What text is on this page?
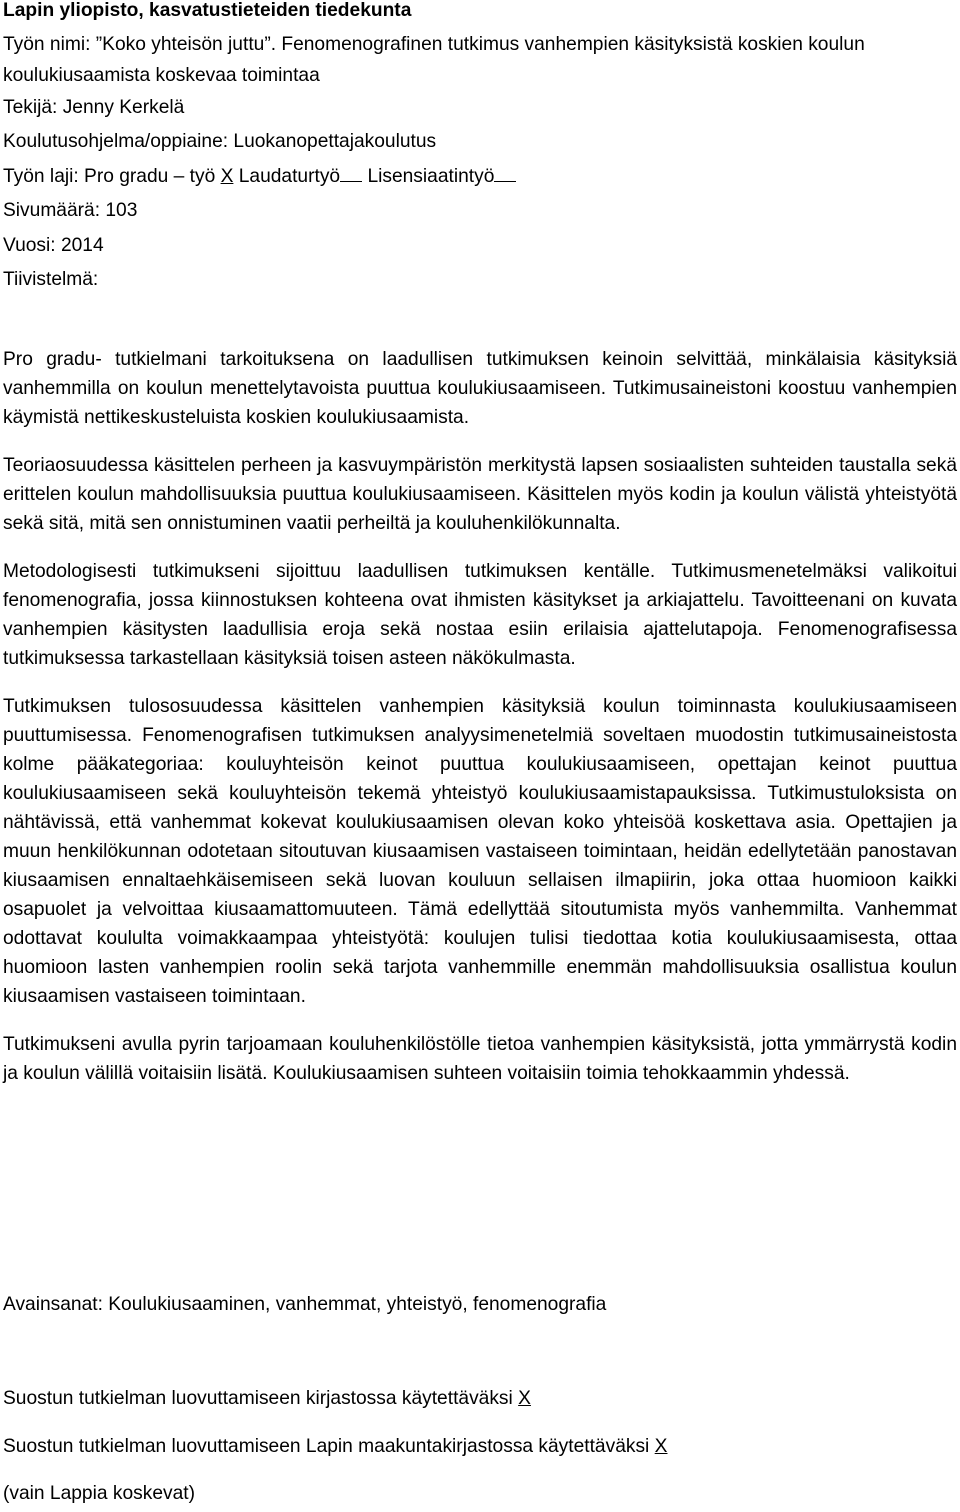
Lapin yliopisto, kasvatustieteiden tiedekunta
Työn nimi: ”Koko yhteisön juttu”. Fenomenografinen tutkimus vanhempien käsityksistä koskien koulun koulukiusaamista koskevaa toimintaa
Tekijä: Jenny Kerkelä
Koulutusohjelma/oppiaine: Luokanopettajakoulutus
Työn laji: Pro gradu – työ X Laudaturtyö Lisensiaatintyö
Sivumäärä: 103
Vuosi: 2014
Tiivistelmä:

Pro gradu- tutkielmani tarkoituksena on laadullisen tutkimuksen keinoin selvittää, minkälaisia käsityksiä vanhemmilla on koulun menettelytavoista puuttua koulukiusaamiseen. Tutkimusaineistoni koostuu vanhempien käymistä nettikeskusteluista koskien koulukiusaamista.

Teoriaosuudessa käsittelen perheen ja kasvuympäristön merkitystä lapsen sosiaalisten suhteiden taustalla sekä erittelen koulun mahdollisuuksia puuttua koulukiusaamiseen. Käsittelen myös kodin ja koulun välistä yhteistyötä sekä sitä, mitä sen onnistuminen vaatii perheiltä ja kouluhenkilökunnalta.

Metodologisesti tutkimukseni sijoittuu laadullisen tutkimuksen kentälle. Tutkimusmenetelmäksi valikoitui fenomenografia, jossa kiinnostuksen kohteena ovat ihmisten käsitykset ja arkiajattelu. Tavoitteenani on kuvata vanhempien käsitysten laadullisia eroja sekä nostaa esiin erilaisia ajattelutapoja. Fenomenografisessa tutkimuksessa tarkastellaan käsityksiä toisen asteen näkökulmasta.

Tutkimuksen tulososuudessa käsittelen vanhempien käsityksiä koulun toiminnasta koulukiusaamiseen puuttumisessa. Fenomenografisen tutkimuksen analyysimenetelmiä soveltaen muodostin tutkimusaineistosta kolme pääkategoriaa: kouluyhteisön keinot puuttua koulukiusaamiseen, opettajan keinot puuttua koulukiusaamiseen sekä kouluyhteisön tekemä yhteistyö koulukiusaamistapauksissa. Tutkimustuloksista on nähtävissä, että vanhemmat kokevat koulukiusaamisen olevan koko yhteisöä koskettava asia. Opettajien ja muun henkilökunnan odotetaan sitoutuvan kiusaamisen vastaiseen toimintaan, heidän edellytetään panostavan kiusaamisen ennaltaehkäisemiseen sekä luovan kouluun sellaisen ilmapiirin, joka ottaa huomioon kaikki osapuolet ja velvoittaa kiusaamattomuuteen. Tämä edellyttää sitoutumista myös vanhemmilta. Vanhemmat odottavat koululta voimakkaampaa yhteistyötä: koulujen tulisi tiedottaa kotia koulukiusaamisesta, ottaa huomioon lasten vanhempien roolin sekä tarjota vanhemmille enemmän mahdollisuuksia osallistua koulun kiusaamisen vastaiseen toimintaan.

Tutkimukseni avulla pyrin tarjoamaan kouluhenkilöstölle tietoa vanhempien käsityksistä, jotta ymmärrystä kodin ja koulun välillä voitaisiin lisätä. Koulukiusaamisen suhteen voitaisiin toimia tehokkaammin yhdessä.

Avainsanat: Koulukiusaaminen, vanhemmat, yhteistyö, fenomenografia
Suostun tutkielman luovuttamiseen kirjastossa käytettäväksi X
Suostun tutkielman luovuttamiseen Lapin maakuntakirjastossa käytettäväksi X
(vain Lappia koskevat)
